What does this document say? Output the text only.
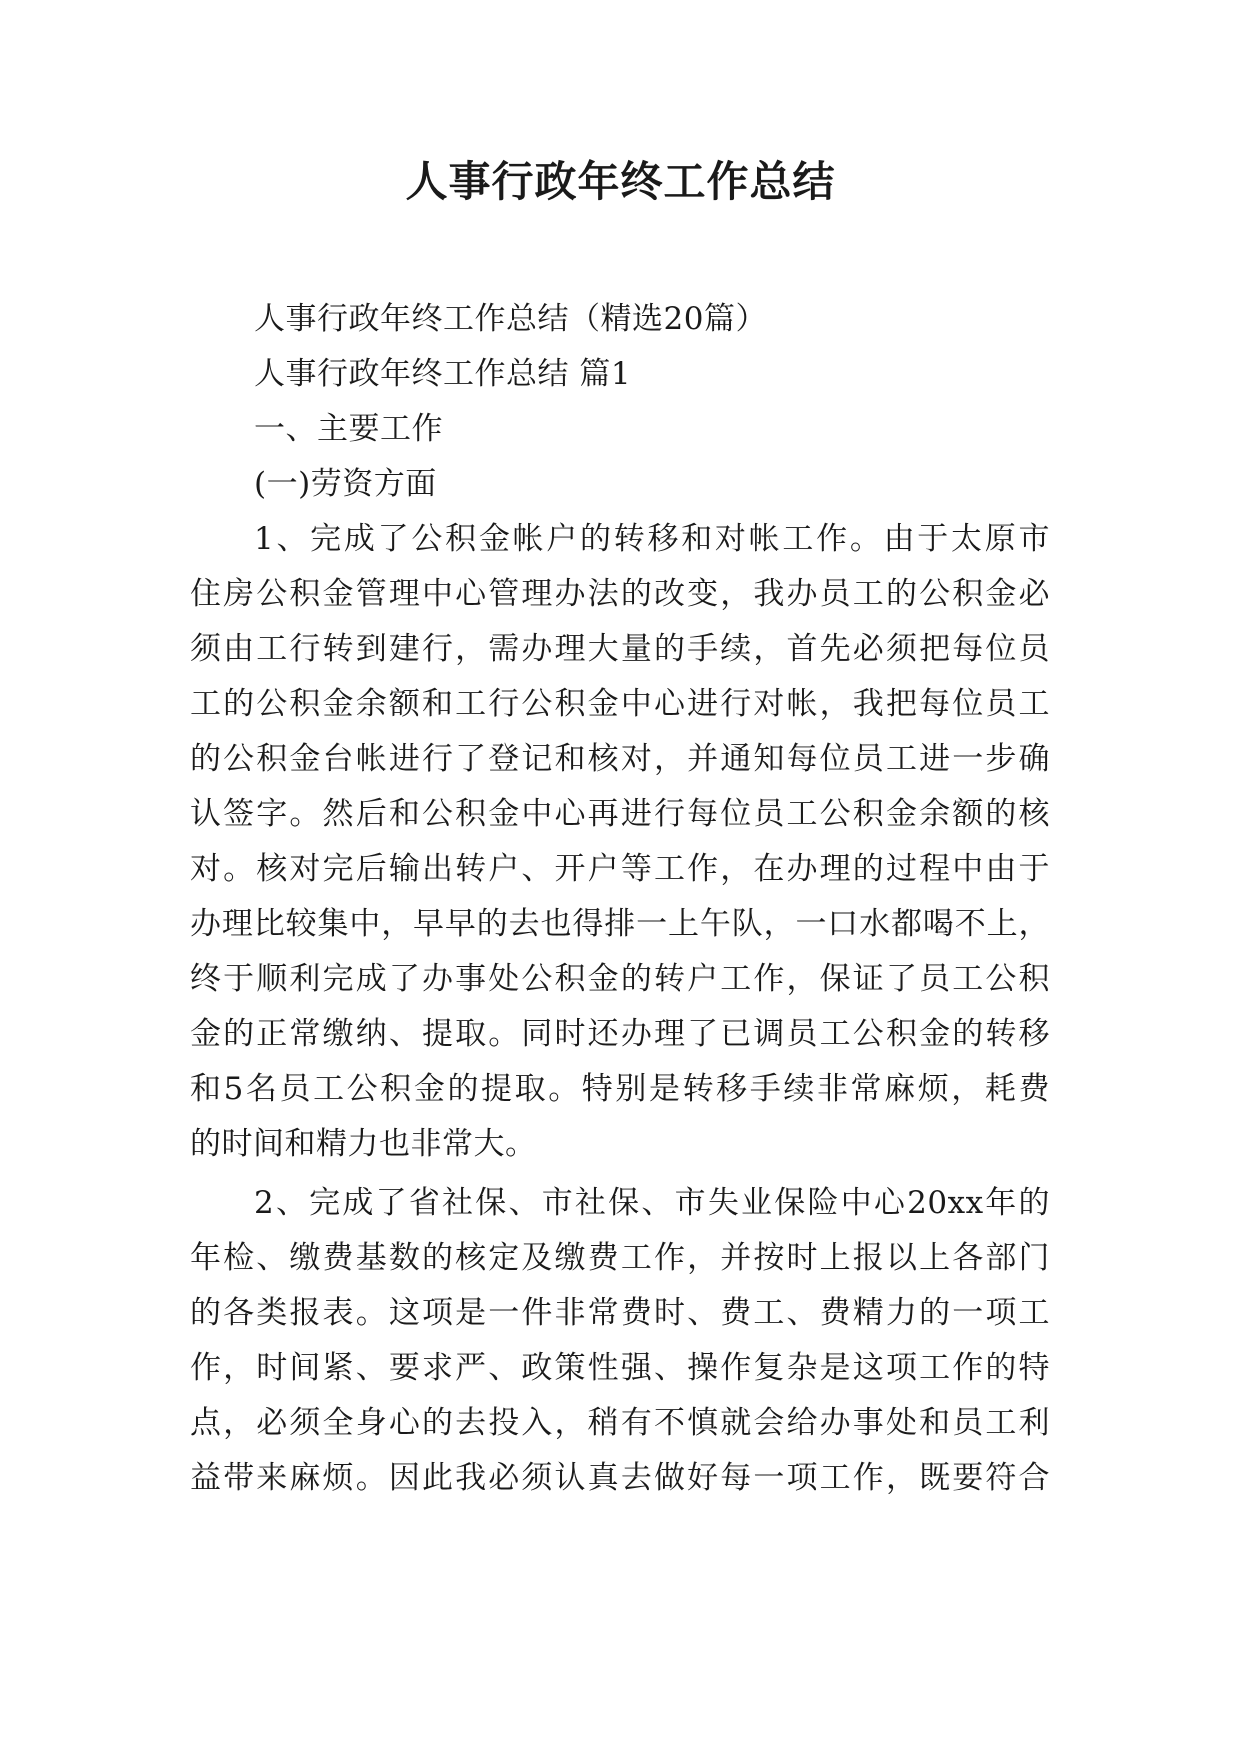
人事行政年终工作总结
人事行政年终工作总结（精选20篇）
人事行政年终工作总结 篇1
一、主要工作
(一)劳资方面
1、完成了公积金帐户的转移和对帐工作。由于太原市
住房公积金管理中心管理办法的改变，我办员工的公积金必
须由工行转到建行，需办理大量的手续，首先必须把每位员
工的公积金余额和工行公积金中心进行对帐，我把每位员工
的公积金台帐进行了登记和核对，并通知每位员工进一步确
认签字。然后和公积金中心再进行每位员工公积金余额的核
对。核对完后输出转户、开户等工作，在办理的过程中由于
办理比较集中，早早的去也得排一上午队，一口水都喝不上，
终于顺利完成了办事处公积金的转户工作，保证了员工公积
金的正常缴纳、提取。同时还办理了已调员工公积金的转移
和5名员工公积金的提取。特别是转移手续非常麻烦，耗费
的时间和精力也非常大。
2、完成了省社保、市社保、市失业保险中心20xx年的
年检、缴费基数的核定及缴费工作，并按时上报以上各部门
的各类报表。这项是一件非常费时、费工、费精力的一项工
作，时间紧、要求严、政策性强、操作复杂是这项工作的特
点，必须全身心的去投入，稍有不慎就会给办事处和员工利
益带来麻烦。因此我必须认真去做好每一项工作，既要符合
